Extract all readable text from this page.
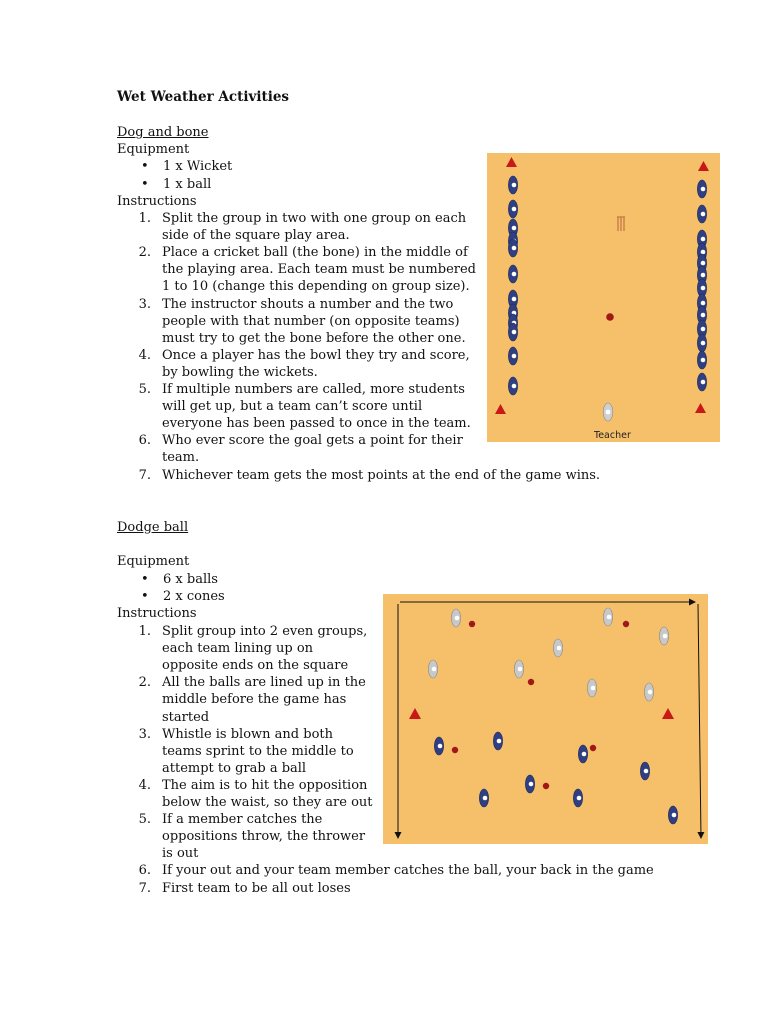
Wet Weather Activities
Dog and bone
Equipment
• 1 x Wicket
• 1 x ball
Instructions
1. Split the group in two with one group on each
side of the square play area.
2. Place a cricket ball (the bone) in the middle of
the playing area. Each team must be numbered
1 to 10 (change this depending on group size).
3. The instructor shouts a number and the two
people with that number (on opposite teams)
must try to get the bone before the other one.
4. Once a player has the bowl they try and score,
by bowling the wickets.
5. If multiple numbers are called, more students
will get up, but a team can’t score until
everyone has been passed to once in the team.
6. Who ever score the goal gets a point for their
team.
7. Whichever team gets the most points at the end of the game wins.
Teacher
Dodge ball
Equipment
• 6 x balls
• 2 x cones
Instructions
1. Split group into 2 even groups,
each team lining up on
opposite ends on the square
2. All the balls are lined up in the
middle before the game has
started
3. Whistle is blown and both
teams sprint to the middle to
attempt to grab a ball
4. The aim is to hit the opposition
below the waist, so they are out
5. If a member catches the
oppositions throw, the thrower
is out
6. If your out and your team member catches the ball, your back in the game
7. First team to be all out loses
